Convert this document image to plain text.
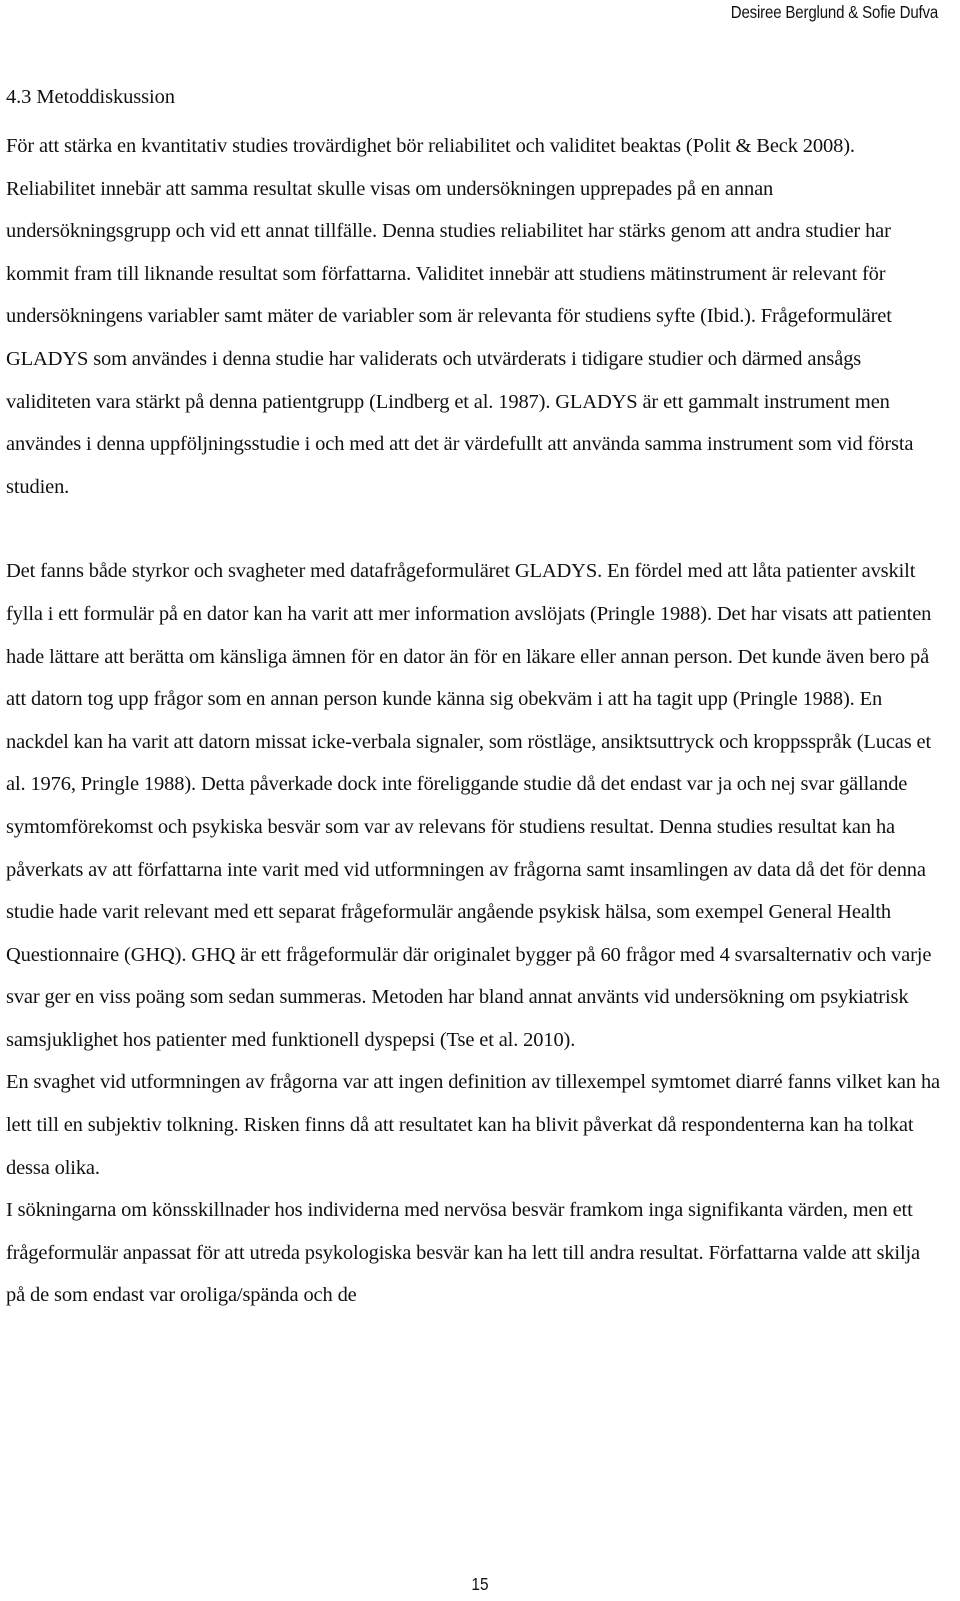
Desiree Berglund & Sofie Dufva
4.3 Metoddiskussion

För att stärka en kvantitativ studies trovärdighet bör reliabilitet och validitet beaktas (Polit & Beck 2008). Reliabilitet innebär att samma resultat skulle visas om undersökningen upprepades på en annan undersökningsgrupp och vid ett annat tillfälle. Denna studies reliabilitet har stärks genom att andra studier har kommit fram till liknande resultat som författarna. Validitet innebär att studiens mätinstrument är relevant för undersökningens variabler samt mäter de variabler som är relevanta för studiens syfte (Ibid.). Frågeformuläret GLADYS som användes i denna studie har validerats och utvärderats i tidigare studier och därmed ansågs validiteten vara stärkt på denna patientgrupp (Lindberg et al. 1987). GLADYS är ett gammalt instrument men användes i denna uppföljningsstudie i och med att det är värdefullt att använda samma instrument som vid första studien.

Det fanns både styrkor och svagheter med datafrågeformuläret GLADYS. En fördel med att låta patienter avskilt fylla i ett formulär på en dator kan ha varit att mer information avslöjats (Pringle 1988). Det har visats att patienten hade lättare att berätta om känsliga ämnen för en dator än för en läkare eller annan person. Det kunde även bero på att datorn tog upp frågor som en annan person kunde känna sig obekväm i att ha tagit upp (Pringle 1988). En nackdel kan ha varit att datorn missat icke-verbala signaler, som röstläge, ansiktsuttryck och kroppsspråk (Lucas et al. 1976, Pringle 1988). Detta påverkade dock inte föreliggande studie då det endast var ja och nej svar gällande symtomförekomst och psykiska besvär som var av relevans för studiens resultat. Denna studies resultat kan ha påverkats av att författarna inte varit med vid utformningen av frågorna samt insamlingen av data då det för denna studie hade varit relevant med ett separat frågeformulär angående psykisk hälsa, som exempel General Health Questionnaire (GHQ). GHQ är ett frågeformulär där originalet bygger på 60 frågor med 4 svarsalternativ och varje svar ger en viss poäng som sedan summeras. Metoden har bland annat använts vid undersökning om psykiatrisk samsjuklighet hos patienter med funktionell dyspepsi (Tse et al. 2010).

En svaghet vid utformningen av frågorna var att ingen definition av tillexempel symtomet diarré fanns vilket kan ha lett till en subjektiv tolkning. Risken finns då att resultatet kan ha blivit påverkat då respondenterna kan ha tolkat dessa olika.

I sökningarna om könsskillnader hos individerna med nervösa besvär framkom inga signifikanta värden, men ett frågeformulär anpassat för att utreda psykologiska besvär kan ha lett till andra resultat. Författarna valde att skilja på de som endast var oroliga/spända och de

15
